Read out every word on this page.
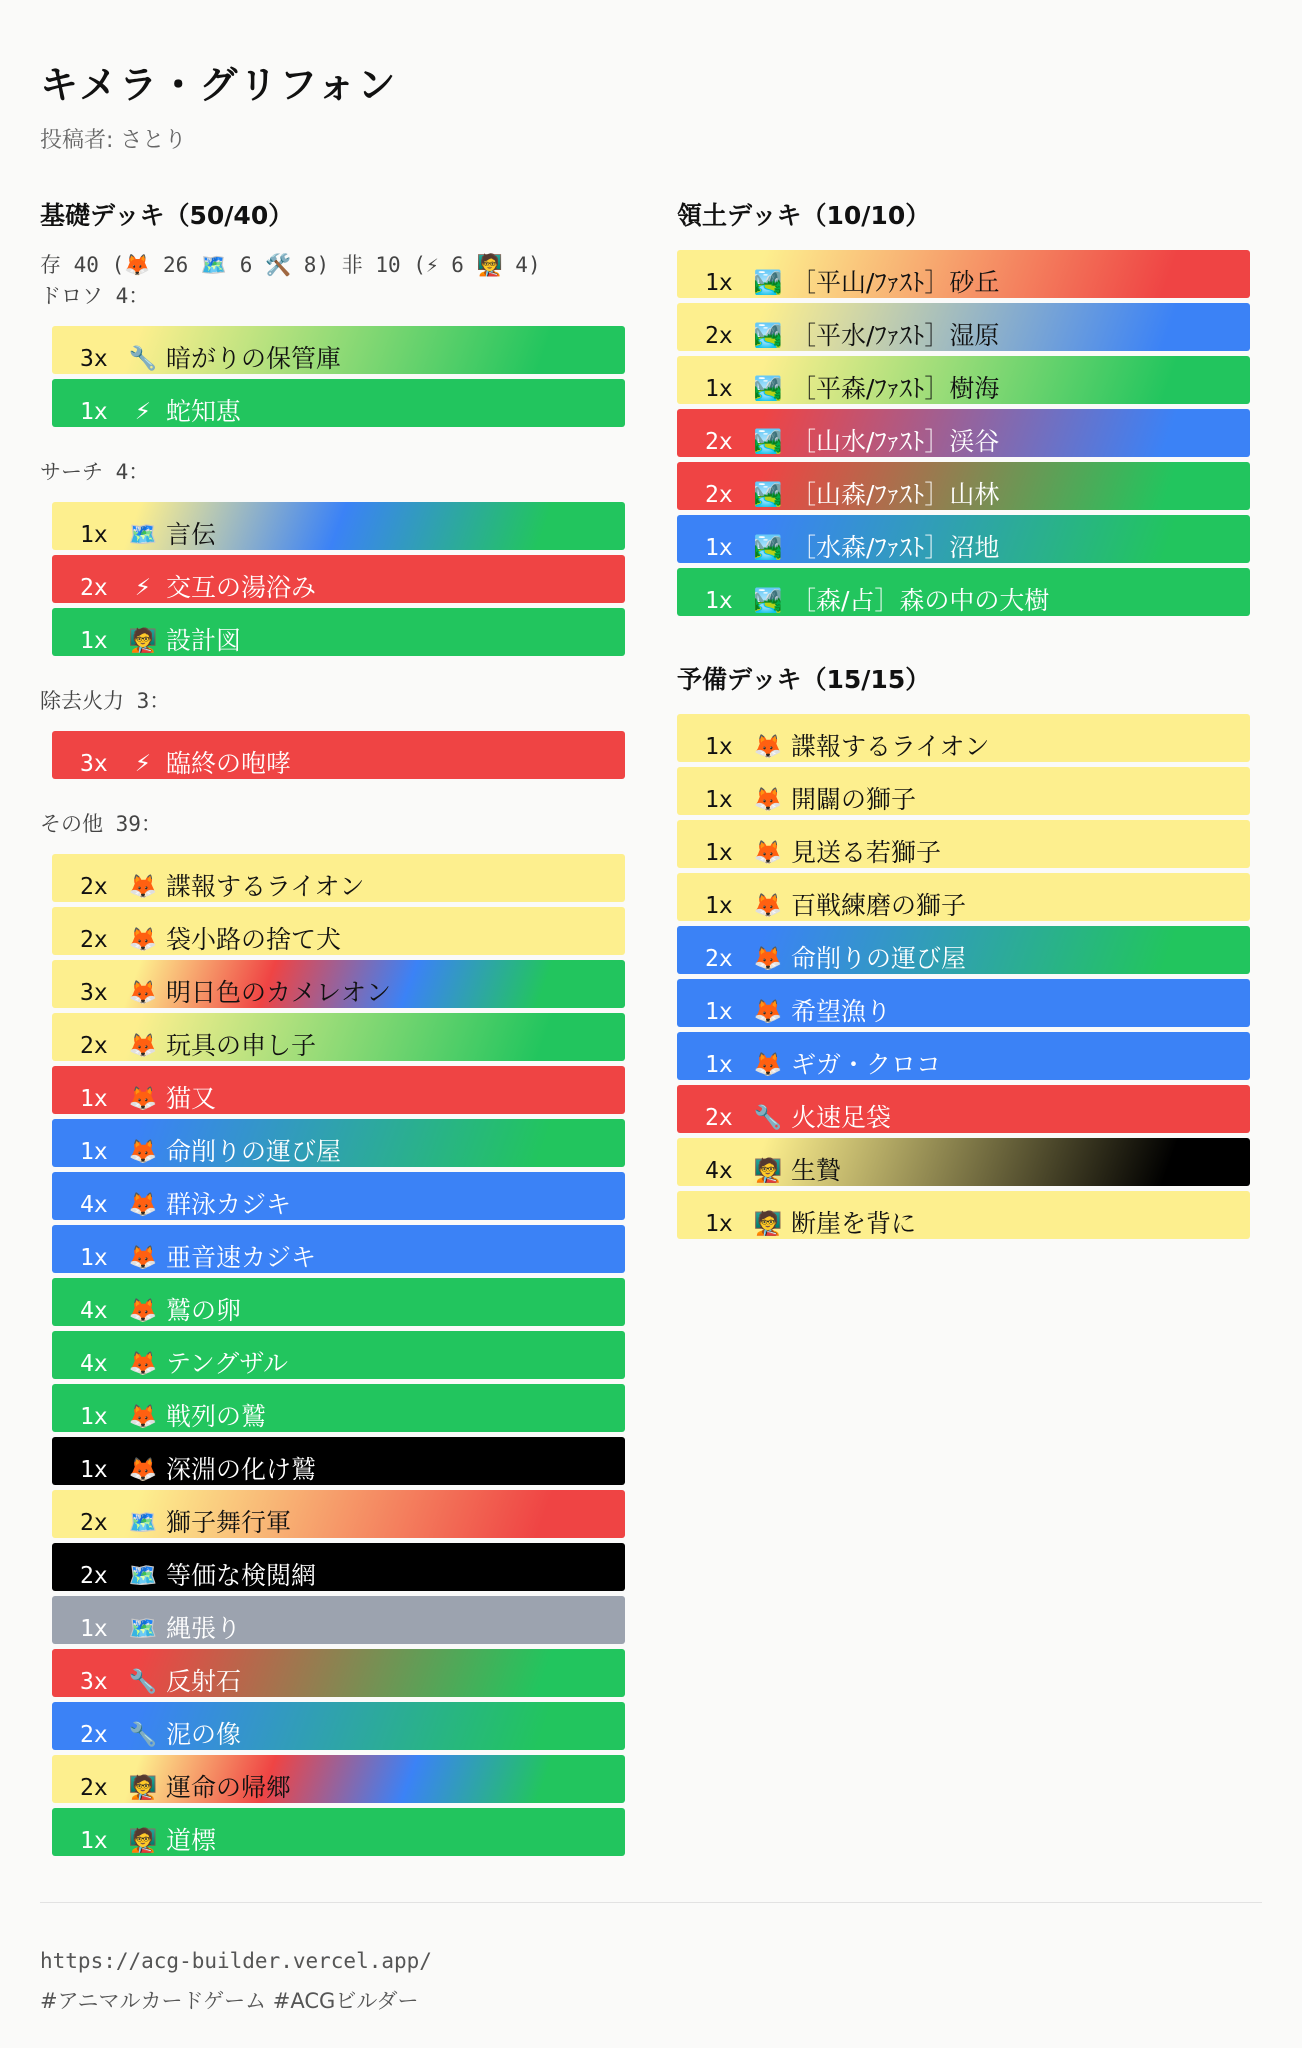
キメラ・グリフォン
投稿者: さとり
基礎デッキ（50/40）
存 40 (🦊 26 🗺️ 6 🛠️ 8) 非 10 (⚡ 6 🧑‍🏫 4)
ドロソ 4：
3x 🔧 暗がりの保管庫
1x	⚡ 蛇知恵
サーチ 4：
1x 🗺️ 言伝
2x	⚡ 交互の湯浴み
1x 🧑‍🏫 設計図
除去火力 3：
3x	⚡ 臨終の咆哮
その他 39：
2x 🦊 諜報するライオン
2x 🦊 袋小路の捨て犬
3x 🦊 明日色のカメレオン
2x 🦊 玩具の申し子
1x 🦊 猫又
1x 🦊 命削りの運び屋
4x 🦊 群泳カジキ
1x 🦊 亜音速カジキ
4x 🦊 鷲の卵
4x 🦊 テングザル
1x 🦊 戦列の鷲
1x 🦊 深淵の化け鷲
2x 🗺️ 獅子舞行軍
2x 🗺️ 等価な検閲網
1x 🗺️ 縄張り
3x 🔧 反射石
2x 🔧 泥の像
2x 🧑‍🏫 運命の帰郷
1x 🧑‍🏫 道標
領土デッキ（10/10）
1x 🏞️ ［平山/ﾌｧｽﾄ］砂丘
2x 🏞️ ［平水/ﾌｧｽﾄ］湿原
1x 🏞️ ［平森/ﾌｧｽﾄ］樹海
2x 🏞️ ［山水/ﾌｧｽﾄ］渓谷
2x 🏞️ ［山森/ﾌｧｽﾄ］山林
1x 🏞️ ［水森/ﾌｧｽﾄ］沼地
1x 🏞️ ［森/占］森の中の大樹
予備デッキ（15/15）
1x 🦊 諜報するライオン
1x 🦊 開闢の獅子
1x 🦊 見送る若獅子
1x 🦊 百戦練磨の獅子
2x 🦊 命削りの運び屋
1x 🦊 希望漁り
1x 🦊 ギガ・クロコ
2x 🔧 火速足袋
4x 🧑‍🏫 生贄
1x 🧑‍🏫 断崖を背に

https://acg-builder.vercel.app/

#アニマルカードゲーム #ACGビルダー
